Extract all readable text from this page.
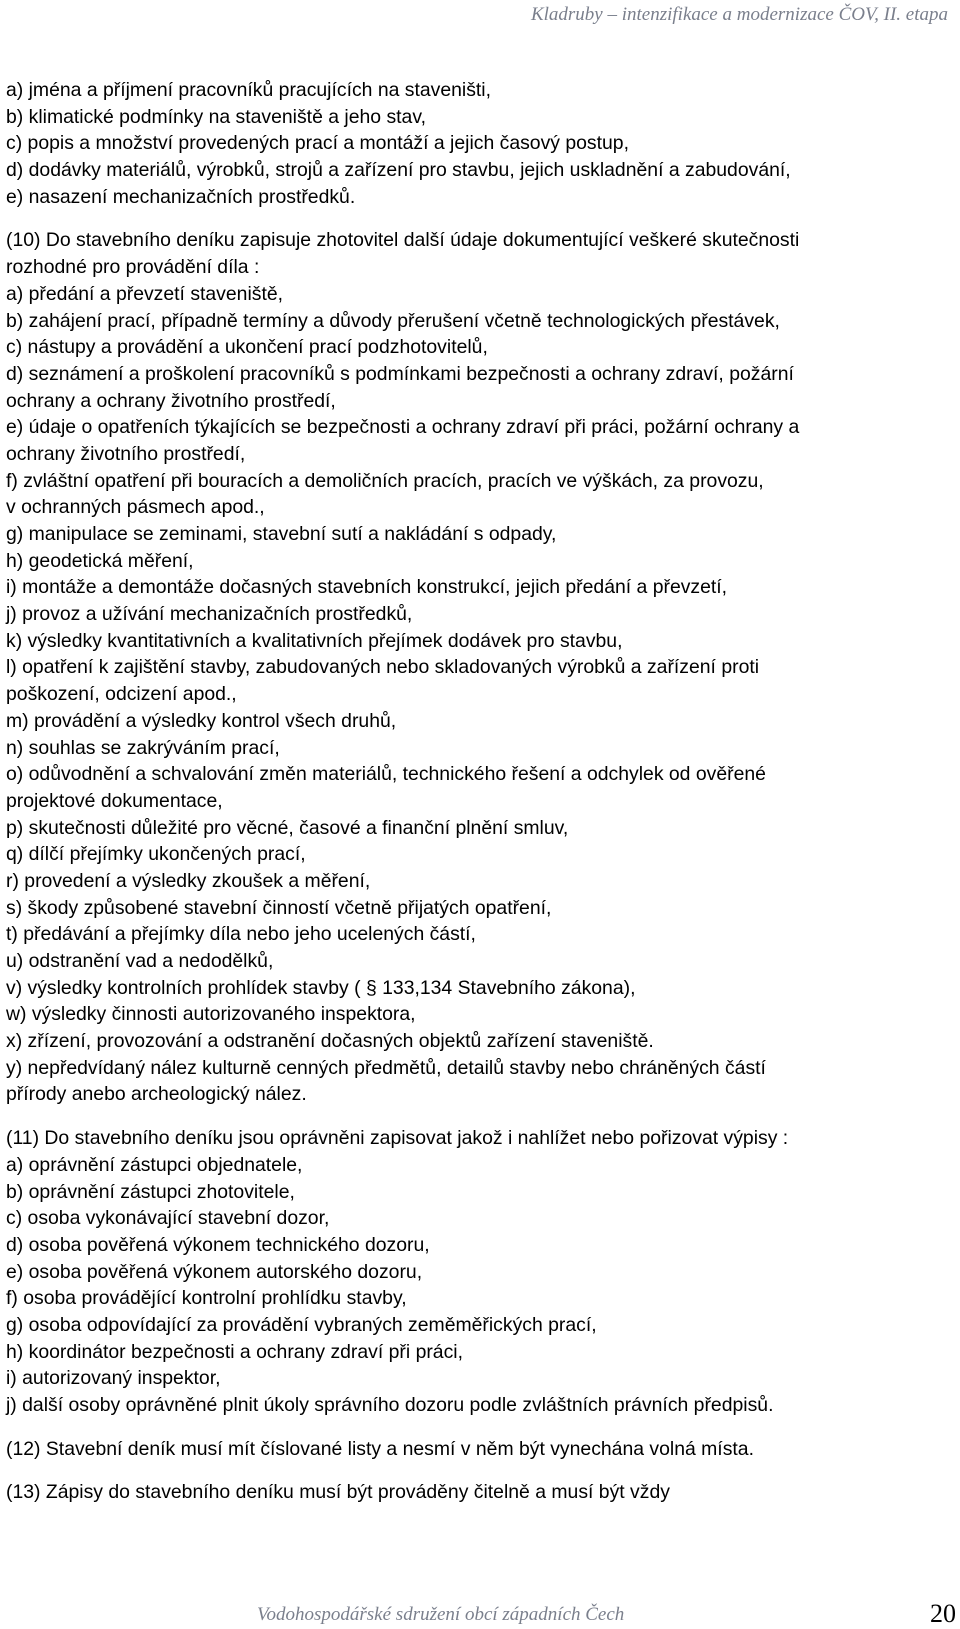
Kladruby – intenzifikace a modernizace ČOV, II. etapa
a) jména a příjmení pracovníků pracujících na staveništi,
b) klimatické podmínky na staveniště a jeho stav,
c) popis a množství provedených prací a montáží a jejich časový postup,
d) dodávky materiálů, výrobků, strojů a zařízení pro stavbu, jejich uskladnění a zabudování,
e) nasazení mechanizačních prostředků.
(10) Do stavebního deníku zapisuje zhotovitel další údaje dokumentující veškeré skutečnosti
rozhodné pro provádění díla :
a) předání a převzetí staveniště,
b) zahájení prací, případně termíny a důvody přerušení včetně technologických přestávek,
c) nástupy a provádění a ukončení prací podzhotovitelů,
d) seznámení a proškolení pracovníků s podmínkami bezpečnosti a ochrany zdraví, požární
ochrany a ochrany životního prostředí,
e) údaje o opatřeních týkajících se bezpečnosti a ochrany zdraví při práci, požární ochrany a
ochrany životního prostředí,
f) zvláštní opatření při bouracích a demoličních pracích, pracích ve výškách, za provozu,
v ochranných pásmech apod.,
g) manipulace se zeminami, stavební sutí a nakládání s odpady,
h) geodetická měření,
i) montáže a demontáže dočasných stavebních konstrukcí, jejich předání a převzetí,
j) provoz a užívání mechanizačních prostředků,
k) výsledky kvantitativních a kvalitativních přejímek dodávek pro stavbu,
l) opatření k zajištění stavby, zabudovaných nebo skladovaných výrobků a zařízení proti
poškození, odcizení apod.,
m) provádění a výsledky kontrol všech druhů,
n) souhlas se zakrýváním prací,
o) odůvodnění a schvalování změn materiálů, technického řešení a odchylek od ověřené
projektové dokumentace,
p) skutečnosti důležité pro věcné, časové a finanční plnění smluv,
q) dílčí přejímky ukončených prací,
r) provedení a výsledky zkoušek a měření,
s) škody způsobené stavební činností včetně přijatých opatření,
t) předávání a přejímky díla nebo jeho ucelených částí,
u) odstranění vad a nedodělků,
v) výsledky kontrolních prohlídek stavby ( § 133,134 Stavebního zákona),
w) výsledky činnosti autorizovaného inspektora,
x) zřízení, provozování a odstranění dočasných objektů zařízení staveniště.
y) nepředvídaný nález kulturně cenných předmětů, detailů stavby nebo chráněných částí
přírody anebo archeologický nález.
(11) Do stavebního deníku jsou oprávněni zapisovat jakož i nahlížet nebo pořizovat výpisy :
a) oprávnění zástupci objednatele,
b) oprávnění zástupci zhotovitele,
c) osoba vykonávající stavební dozor,
d) osoba pověřená výkonem technického dozoru,
e) osoba pověřená výkonem autorského dozoru,
f) osoba provádějící kontrolní prohlídku stavby,
g) osoba odpovídající za provádění vybraných zeměměřických prací,
h) koordinátor bezpečnosti a ochrany zdraví při práci,
i) autorizovaný inspektor,
j) další osoby oprávněné plnit úkoly správního dozoru podle zvláštních právních předpisů.
(12) Stavební deník musí mít číslované listy a nesmí v něm být vynechána volná místa.
(13) Zápisy do stavebního deníku musí být prováděny čitelně a musí být vždy
Vodohospodářské sdružení obcí západních Čech	20
